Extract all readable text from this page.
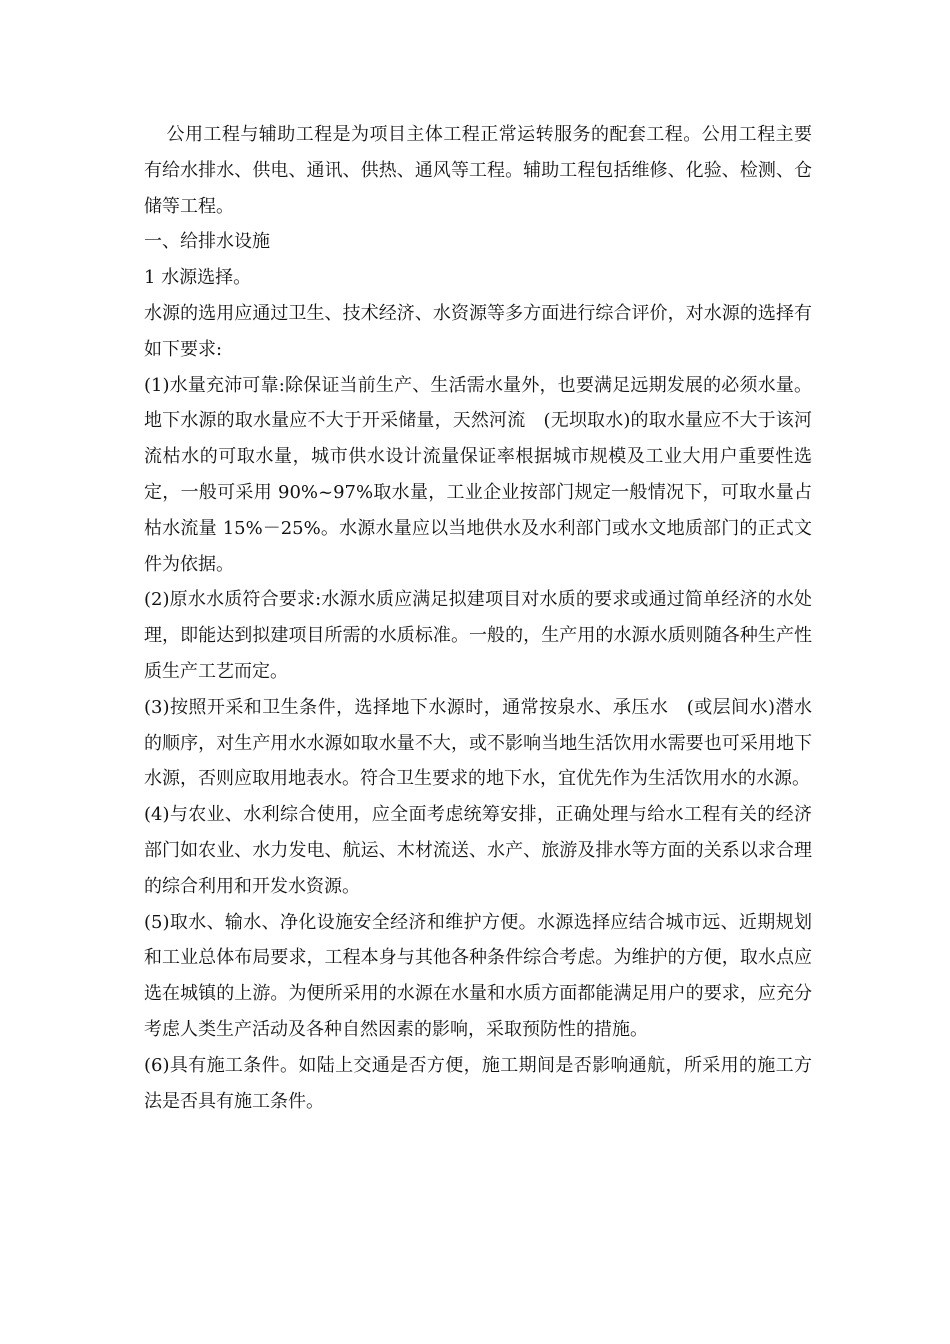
公用工程与辅助工程是为项目主体工程正常运转服务的配套工程。公用工程主要有给水排水、供电、通讯、供热、通风等工程。辅助工程包括维修、化验、检测、仓储等工程。

一、给排水设施

1 水源选择。

水源的选用应通过卫生、技术经济、水资源等多方面进行综合评价，对水源的选择有如下要求:

(1)水量充沛可靠:除保证当前生产、生活需水量外，也要满足远期发展的必须水量。地下水源的取水量应不大于开采储量，天然河流　(无坝取水)的取水量应不大于该河流枯水的可取水量，城市供水设计流量保证率根据城市规模及工业大用户重要性选定，一般可采用 90%~97%取水量，工业企业按部门规定一般情况下，可取水量占枯水流量 15%－25%。水源水量应以当地供水及水利部门或水文地质部门的正式文件为依据。

(2)原水水质符合要求:水源水质应满足拟建项目对水质的要求或通过简单经济的水处理，即能达到拟建项目所需的水质标准。一般的，生产用的水源水质则随各种生产性质生产工艺而定。

(3)按照开采和卫生条件，选择地下水源时，通常按泉水、承压水　(或层间水)潜水的顺序，对生产用水水源如取水量不大，或不影响当地生活饮用水需要也可采用地下水源，否则应取用地表水。符合卫生要求的地下水，宜优先作为生活饮用水的水源。

(4)与农业、水利综合使用，应全面考虑统筹安排，正确处理与给水工程有关的经济部门如农业、水力发电、航运、木材流送、水产、旅游及排水等方面的关系以求合理的综合利用和开发水资源。

(5)取水、输水、净化设施安全经济和维护方便。水源选择应结合城市远、近期规划和工业总体布局要求，工程本身与其他各种条件综合考虑。为维护的方便，取水点应选在城镇的上游。为便所采用的水源在水量和水质方面都能满足用户的要求，应充分考虑人类生产活动及各种自然因素的影响，采取预防性的措施。

(6)具有施工条件。如陆上交通是否方便，施工期间是否影响通航，所采用的施工方法是否具有施工条件。
